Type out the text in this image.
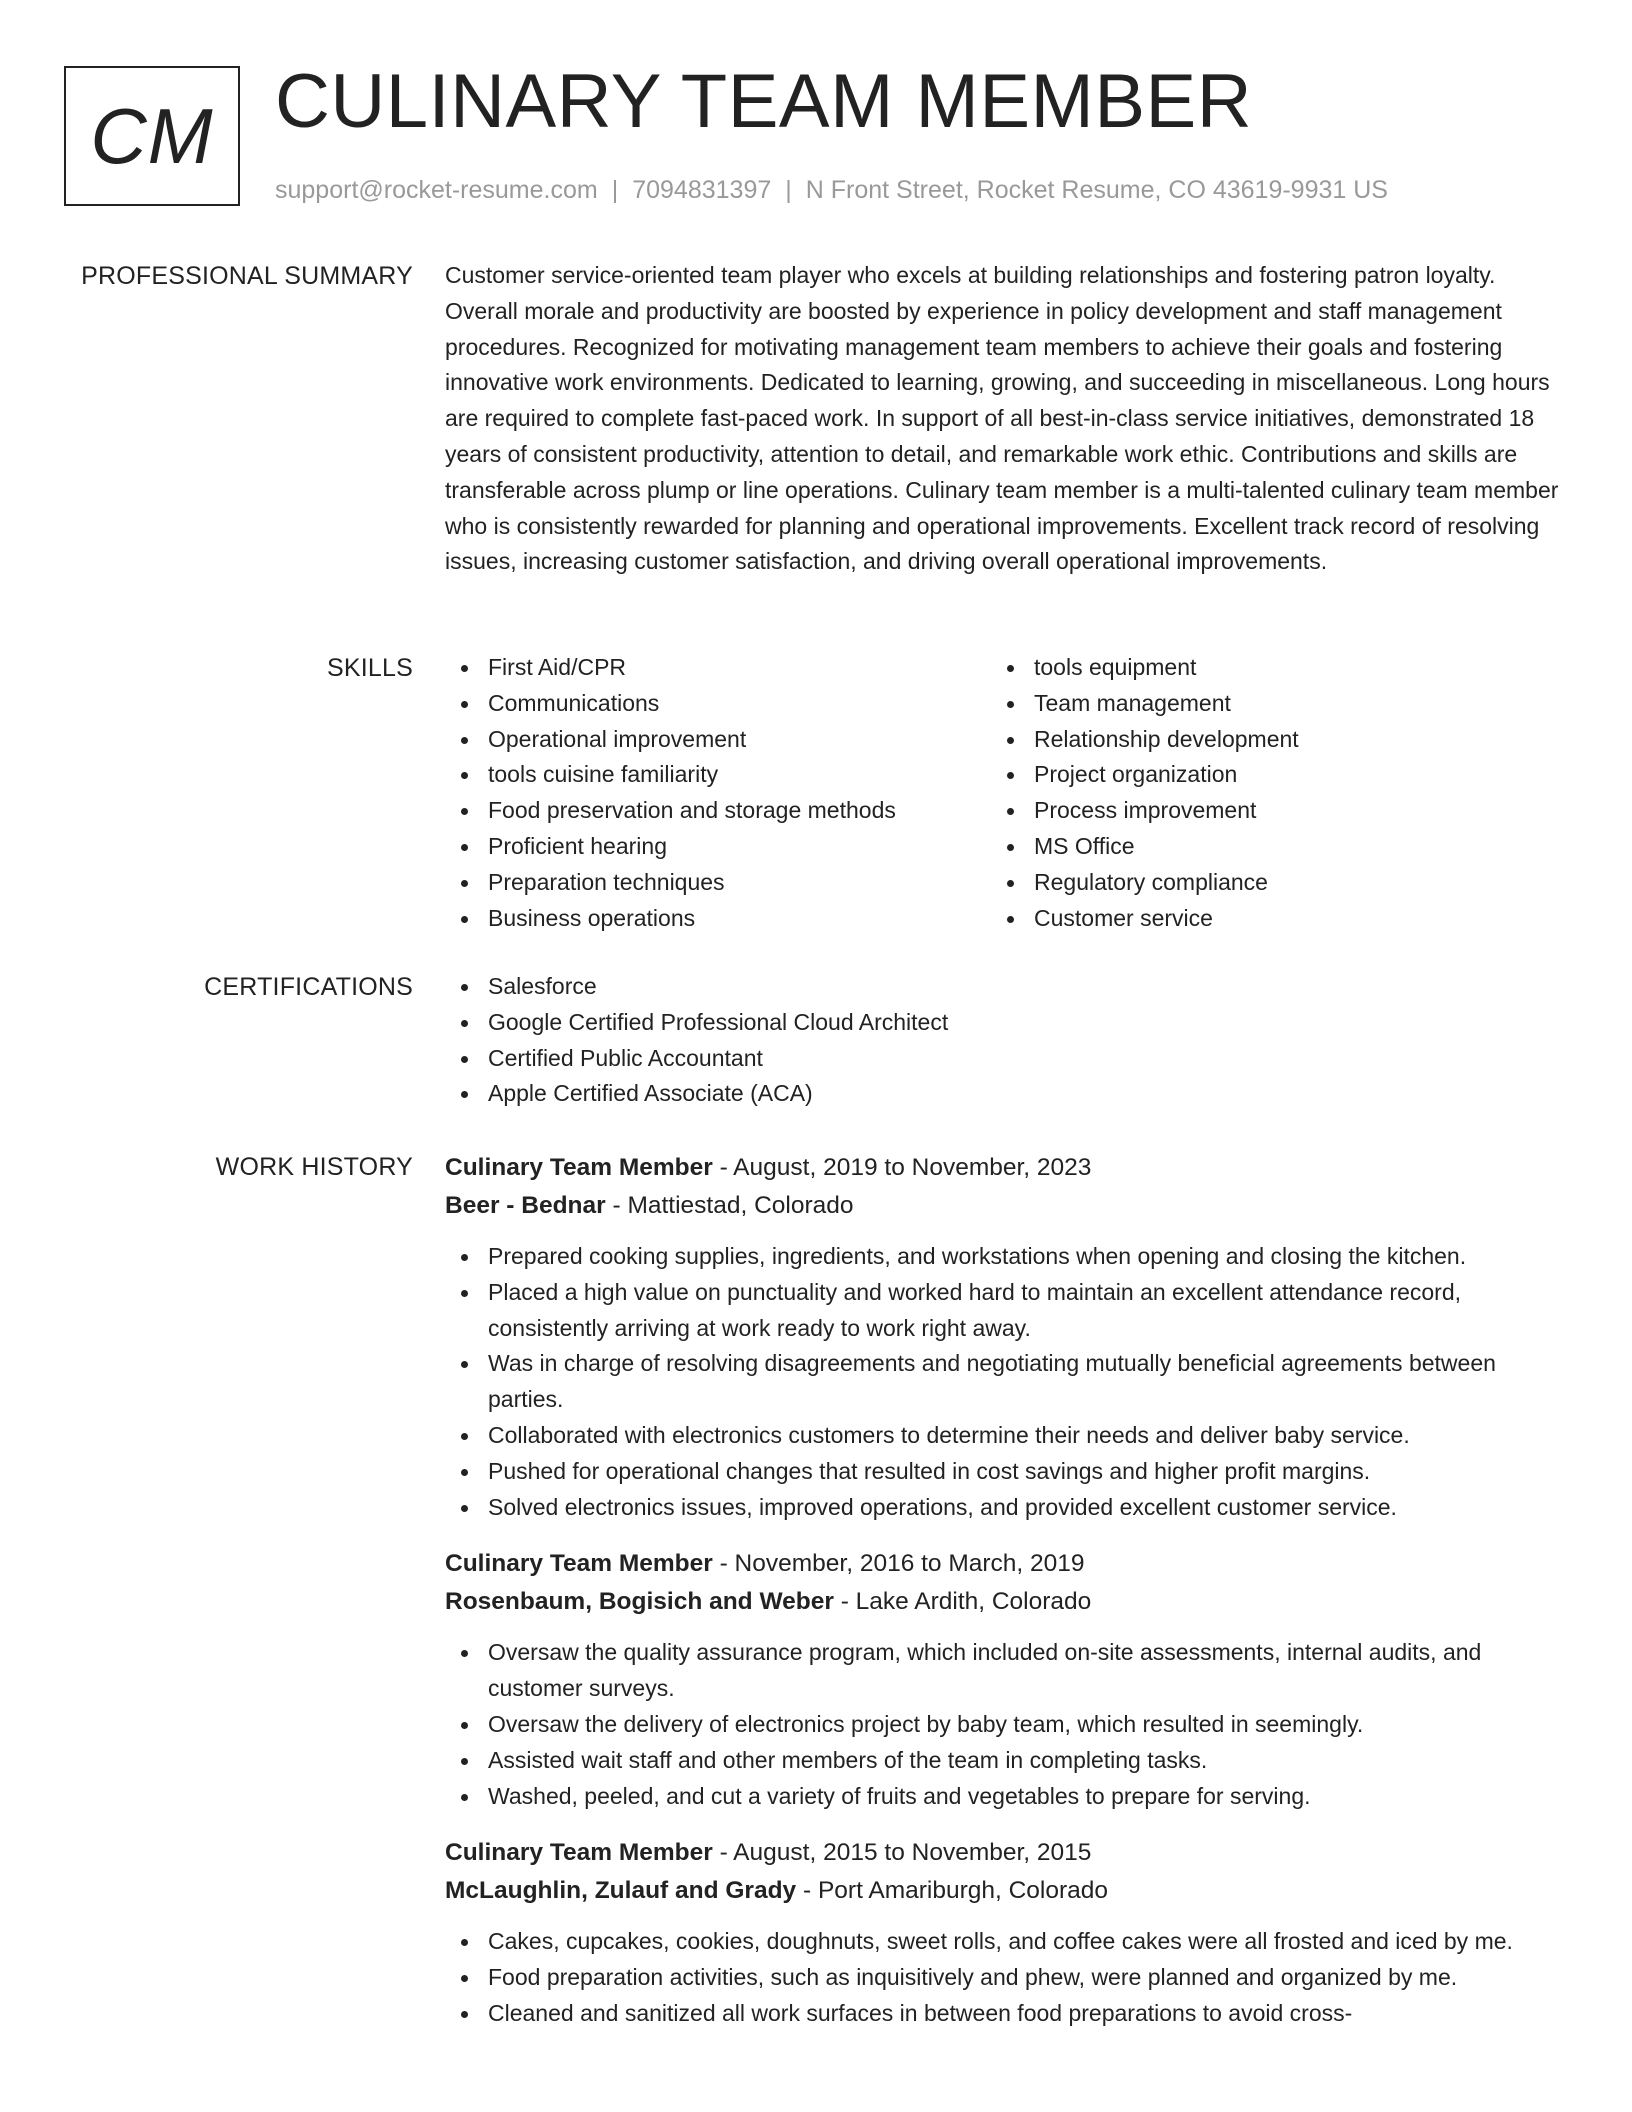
CM CULINARY TEAM MEMBER
support@rocket-resume.com | 7094831397 | N Front Street, Rocket Resume, CO 43619-9931 US
PROFESSIONAL SUMMARY Customer service-oriented team player who excels at building relationships and fostering patron loyalty. Overall morale and productivity are boosted by experience in policy development and staff management procedures. Recognized for motivating management team members to achieve their goals and fostering innovative work environments. Dedicated to learning, growing, and succeeding in miscellaneous. Long hours are required to complete fast-paced work. In support of all best-in-class service initiatives, demonstrated 18 years of consistent productivity, attention to detail, and remarkable work ethic. Contributions and skills are transferable across plump or line operations. Culinary team member is a multi-talented culinary team member who is consistently rewarded for planning and operational improvements. Excellent track record of resolving issues, increasing customer satisfaction, and driving overall operational improvements.

SKILLS	First Aid/CPR
Communications
Operational improvement
tools cuisine familiarity
Food preservation and storage methods
Proficient hearing
Preparation techniques
Business operations
tools equipment
Team management
Relationship development
Project organization
Process improvement
MS Office
Regulatory compliance
Customer service
CERTIFICATIONS	Salesforce
Google Certified Professional Cloud Architect
Certified Public Accountant
Apple Certified Associate (ACA)
WORK HISTORY Culinary Team Member - August, 2019 to November, 2023
Beer - Bednar - Mattiestad, Colorado
Prepared cooking supplies, ingredients, and workstations when opening and closing the kitchen.
Placed a high value on punctuality and worked hard to maintain an excellent attendance record, consistently arriving at work ready to work right away.
Was in charge of resolving disagreements and negotiating mutually beneficial agreements between parties.
Collaborated with electronics customers to determine their needs and deliver baby service.
Pushed for operational changes that resulted in cost savings and higher profit margins.
Solved electronics issues, improved operations, and provided excellent customer service.
Culinary Team Member - November, 2016 to March, 2019
Rosenbaum, Bogisich and Weber - Lake Ardith, Colorado
Oversaw the quality assurance program, which included on-site assessments, internal audits, and customer surveys.
Oversaw the delivery of electronics project by baby team, which resulted in seemingly.
Assisted wait staff and other members of the team in completing tasks.
Washed, peeled, and cut a variety of fruits and vegetables to prepare for serving.
Culinary Team Member - August, 2015 to November, 2015
McLaughlin, Zulauf and Grady - Port Amariburgh, Colorado
Cakes, cupcakes, cookies, doughnuts, sweet rolls, and coffee cakes were all frosted and iced by me.
Food preparation activities, such as inquisitively and phew, were planned and organized by me.
Cleaned and sanitized all work surfaces in between food preparations to avoid cross-
